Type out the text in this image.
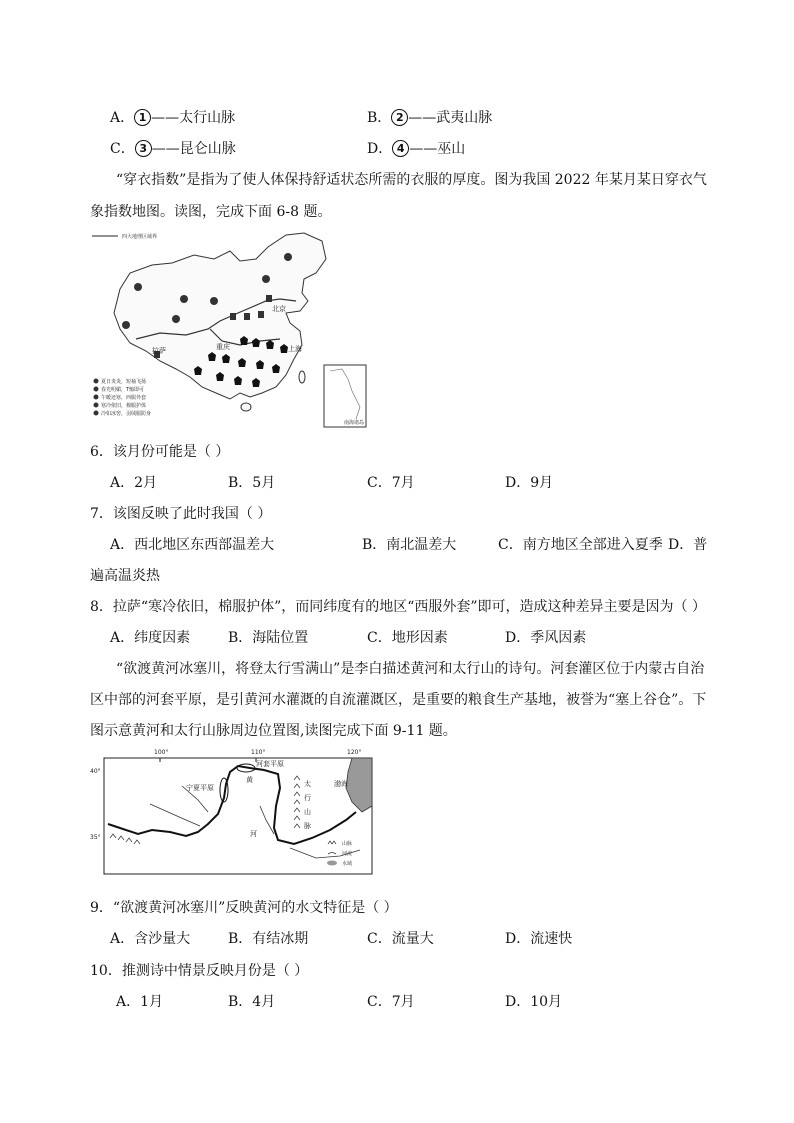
A． 1 ——太行山脉	B． 2 ——武夷山脉
C． 3 ——昆仑山脉	D． 4 ——巫山
“穿衣指数”是指为了使人体保持舒适状态所需的衣服的厚度。图为我国 2022 年某月某日穿衣气
象指数地图。读图，完成下面 6-8 题。
四大地理区域界
拉萨
北京
上海
重庆
夏日炎炎，短袖飞扬
春光明媚，T恤即可
午暖还寒，西服外套
寒冷依旧，棉服护体
冷如冰窖，羽绒服防身
南海诸岛
6．该月份可能是（ ）
A．2月	B．5月	C．7月	D．9月
7．该图反映了此时我国（ ）
A．西北地区东西部温差大	B．南北温差大	C．南方地区全部进入夏季 D．普
遍高温炎热
8．拉萨“寒冷依旧，棉服护体”，而同纬度有的地区“西服外套”即可，造成这种差异主要是因为（ ）
A．纬度因素	B．海陆位置	C．地形因素	D．季风因素
“欲渡黄河冰塞川，将登太行雪满山”是李白描述黄河和太行山的诗句。河套灌区位于内蒙古自治
区中部的河套平原，是引黄河水灌溉的自流灌溉区，是重要的粮食生产基地，被誉为“塞上谷仓”。下
图示意黄河和太行山脉周边位置图,读图完成下面 9-11 题。
100°	110°	120°
40°
35°
渤海
河套平原
宁夏平原
黄
河
太
行
山
脉
山脉
河流
水域
9．“欲渡黄河冰塞川”反映黄河的水文特征是（ ）
A．含沙量大	B．有结冰期	C．流量大	D．流速快
10．推测诗中情景反映月份是（ ）
A．1月	B．4月	C．7月	D．10月
